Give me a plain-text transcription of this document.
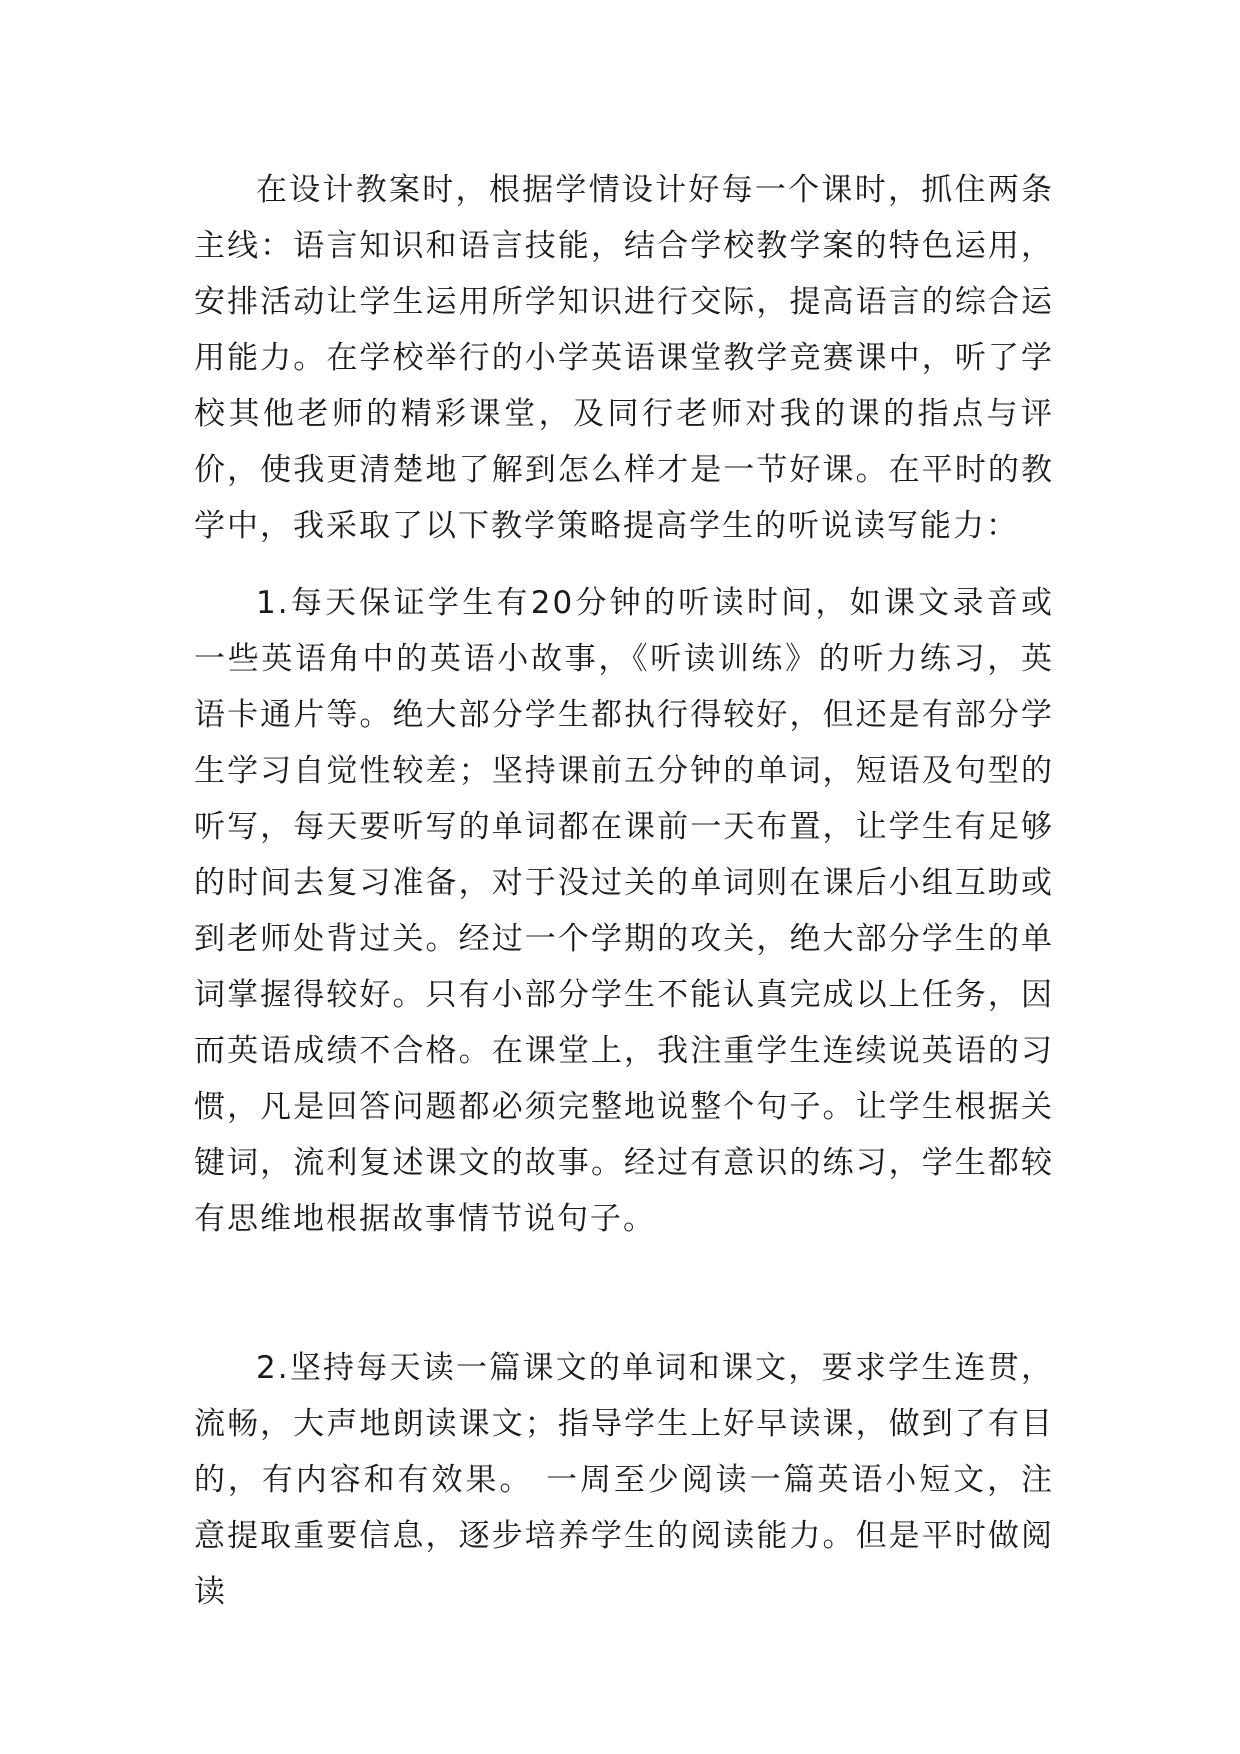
在设计教案时，根据学情设计好每一个课时，抓住两条主线：语言知识和语言技能，结合学校教学案的特色运用，安排活动让学生运用所学知识进行交际，提高语言的综合运用能力。在学校举行的小学英语课堂教学竞赛课中，听了学校其他老师的精彩课堂，及同行老师对我的课的指点与评价，使我更清楚地了解到怎么样才是一节好课。在平时的教学中，我采取了以下教学策略提高学生的听说读写能力：

1.每天保证学生有20分钟的听读时间，如课文录音或一些英语角中的英语小故事，《听读训练》的听力练习，英语卡通片等。绝大部分学生都执行得较好，但还是有部分学生学习自觉性较差；坚持课前五分钟的单词，短语及句型的听写，每天要听写的单词都在课前一天布置，让学生有足够的时间去复习准备，对于没过关的单词则在课后小组互助或到老师处背过关。经过一个学期的攻关，绝大部分学生的单词掌握得较好。只有小部分学生不能认真完成以上任务，因而英语成绩不合格。在课堂上，我注重学生连续说英语的习惯，凡是回答问题都必须完整地说整个句子。让学生根据关键词，流利复述课文的故事。经过有意识的练习，学生都较有思维地根据故事情节说句子。

2.坚持每天读一篇课文的单词和课文，要求学生连贯，流畅，大声地朗读课文；指导学生上好早读课，做到了有目的，有内容和有效果。 一周至少阅读一篇英语小短文，注意提取重要信息，逐步培养学生的阅读能力。但是平时做阅读
